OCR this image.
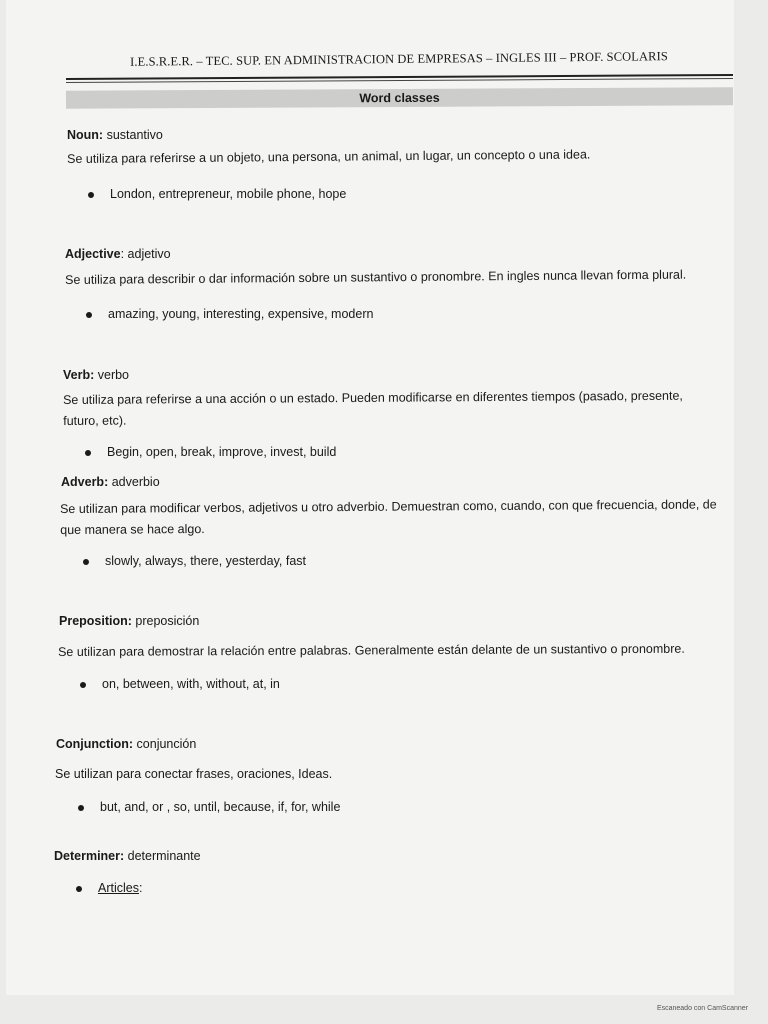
I.E.S.R.E.R. – TEC. SUP. EN ADMINISTRACION DE EMPRESAS – INGLES III – PROF. SCOLARIS
Word classes
Noun: sustantivo
Se utiliza para referirse a un objeto, una persona, un animal, un lugar, un concepto o una idea.
London, entrepreneur, mobile phone, hope
Adjective: adjetivo
Se utiliza para describir o dar información sobre un sustantivo o pronombre. En ingles nunca llevan forma plural.
amazing, young, interesting, expensive, modern
Verb: verbo
Se utiliza para referirse a una acción o un estado. Pueden modificarse en diferentes tiempos (pasado, presente, futuro, etc).
Begin, open, break, improve, invest, build
Adverb: adverbio
Se utilizan para modificar verbos, adjetivos u otro adverbio. Demuestran como, cuando, con que frecuencia, donde, de que manera se hace algo.
slowly, always, there, yesterday, fast
Preposition: preposición
Se utilizan para demostrar la relación entre palabras. Generalmente están delante de un sustantivo o pronombre.
on, between, with, without, at, in
Conjunction: conjunción
Se utilizan para conectar frases, oraciones, Ideas.
but, and, or , so, until, because, if, for, while
Determiner: determinante
Articles:
Escaneado con CamScanner
